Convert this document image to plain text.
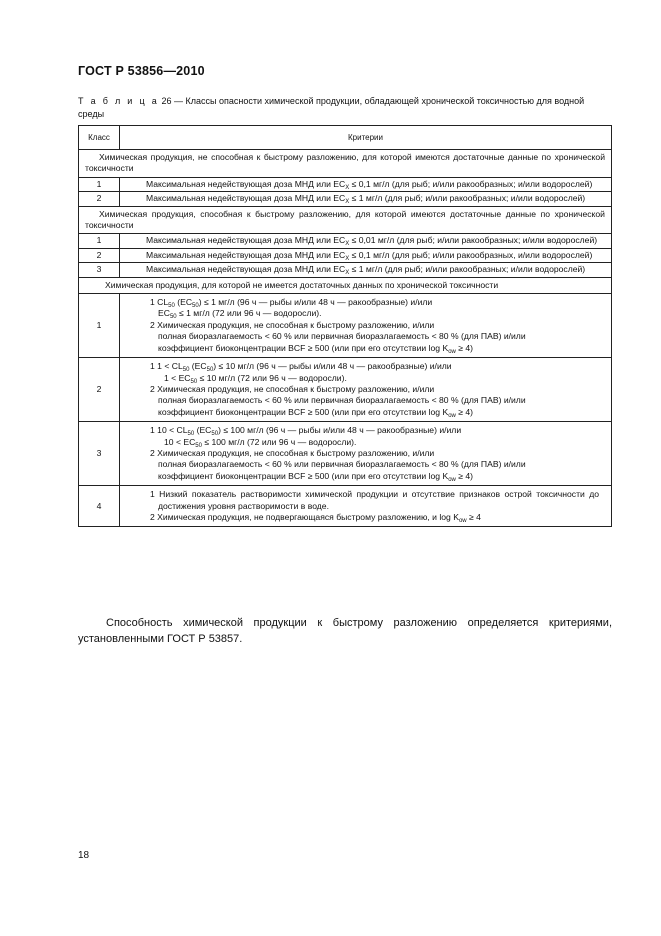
ГОСТ Р 53856—2010
Т а б л и ц а 26 — Классы опасности химической продукции, обладающей хронической токсичностью для водной среды
Класс	Критерии
Химическая продукция, не способная к быстрому разложению, для которой имеются достаточные данные по хронической токсичности	
1	Максимальная недействующая доза МНД или $EC_X \le 0,1$ мг/л (для рыб; и/или ракообразных; и/или водорослей)

2	Максимальная недействующая доза МНД или $EC_X \le 1$ мг/л (для рыб; и/или ракообразных; и/или водорослей)

Химическая продукция, способная к быстрому разложению, для которой имеются достаточные данные по хронической токсичности	
1	Максимальная недействующая доза МНД или $EC_X \le 0,01$ мг/л (для рыб; и/или ракообразных; и/или водорослей)

2	Максимальная недействующая доза МНД или $EC_X \le 0,1$ мг/л (для рыб; и/или ракообразных, и/или водорослей)

3	Максимальная недействующая доза МНД или $EC_X \le 1$ мг/л (для рыб; и/или ракообразных; и/или водорослей)

Химическая продукция, для которой не имеется достаточных данных по хронической токсичности	
1	1 $CL_{50}$ $(EC_{50}) \le 1$ мг/л (96 ч — рыбы и/или 48 ч — ракообразные) и/или
$EC_{50} \le 1$ мг/л (72 или 96 ч — водоросли).
2 Химическая продукция, не способная к быстрому разложению, и/или
полная биоразлагаемость < 60 % или первичная биоразлагаемость < 80 % (для ПАВ) и/или
коэффициент биоконцентрации BCF ≥ 500 (или при его отсутствии $\log K_{ow} \ge 4$)

2	1 $1 < CL_{50}$ $(EC_{50}) \le 10$ мг/л (96 ч — рыбы и/или 48 ч — ракообразные) и/или
$1 < EC_{50} \le 10$ мг/л (72 или 96 ч — водоросли).
2 Химическая продукция, не способная к быстрому разложению, и/или
полная биоразлагаемость < 60 % или первичная биоразлагаемость < 80 % (для ПАВ) и/или
коэффициент биоконцентрации BCF ≥ 500 (или при его отсутствии $\log K_{ow} \ge 4$)

3	1 $10 < CL_{50}$ $(EC_{50}) \le 100$ мг/л (96 ч — рыбы и/или 48 ч — ракообразные) и/или
$10 < EC_{50} \le 100$ мг/л (72 или 96 ч — водоросли).
2 Химическая продукция, не способная к быстрому разложению, и/или
полная биоразлагаемость < 60 % или первичная биоразлагаемость < 80 % (для ПАВ) и/или
коэффициент биоконцентрации BCF ≥ 500 (или при его отсутствии $\log K_{ow} \ge 4$)

4	1 Низкий показатель растворимости химической продукции и отсутствие признаков острой токсичности до достижения уровня растворимости в воде.
2 Химическая продукция, не подвергающаяся быстрому разложению, и $\log K_{ow} \ge 4$
Способность химической продукции к быстрому разложению определяется критериями, установленными ГОСТ Р 53857.
18
